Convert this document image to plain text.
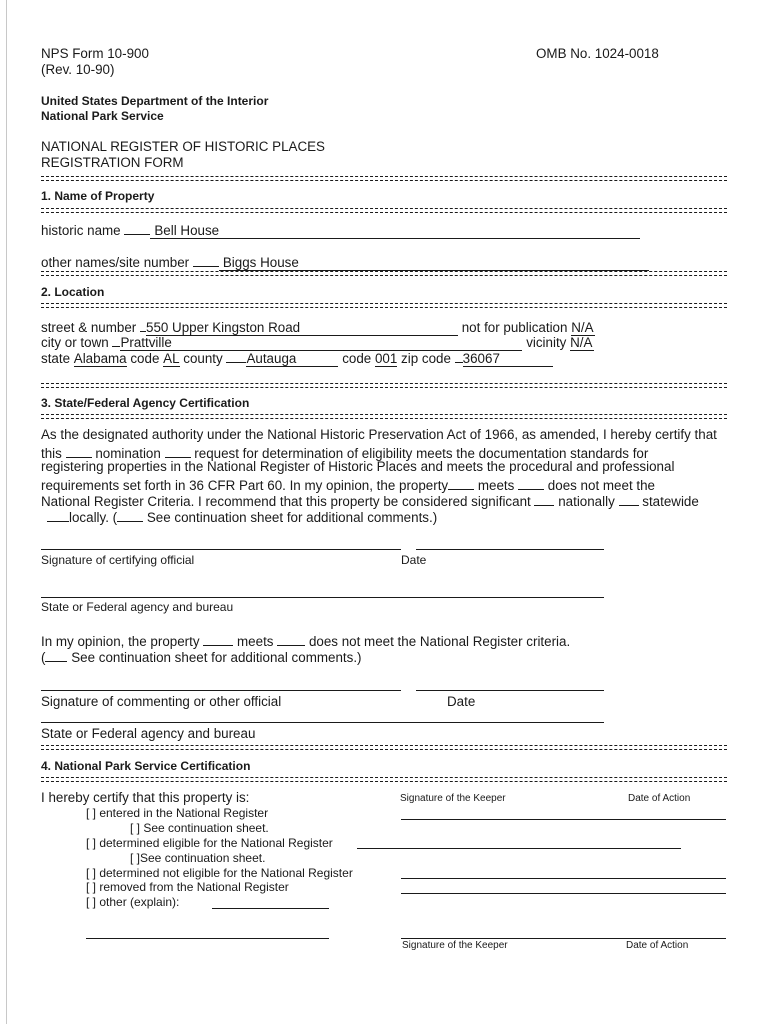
NPS Form 10-900
(Rev. 10-90)
OMB No. 1024-0018
United States Department of the Interior
National Park Service
NATIONAL REGISTER OF HISTORIC PLACES
REGISTRATION FORM
1. Name of Property
historic name	Bell House
other names/site number	Biggs House
2. Location
street & number 550 Upper Kingston Road	not for publication N/A
city or town Prattville	vicinity N/A
state Alabama code AL county Autauga	code 001 zip code 36067
3. State/Federal Agency Certification
As the designated authority under the National Historic Preservation Act of 1966, as amended, I hereby certify that
this nomination request for determination of eligibility meets the documentation standards for
registering properties in the National Register of Historic Places and meets the procedural and professional
requirements set forth in 36 CFR Part 60. In my opinion, the property meets does not meet the
National Register Criteria. I recommend that this property be considered significant nationally statewide
locally. ( See continuation sheet for additional comments.)
Signature of certifying official	Date
State or Federal agency and bureau
In my opinion, the property	meets	does not meet the National Register criteria.
( See continuation sheet for additional comments.)
Signature of commenting or other official	Date
State or Federal agency and bureau
4. National Park Service Certification
I hereby certify that this property is:	Signature of the Keeper	Date of Action
[ ] entered in the National Register
[ ] See continuation sheet.
[ ] determined eligible for the National Register
[ ]See continuation sheet.
[ ] determined not eligible for the National Register
[ ] removed from the National Register
[ ] other (explain):
Signature of the Keeper	Date of Action
